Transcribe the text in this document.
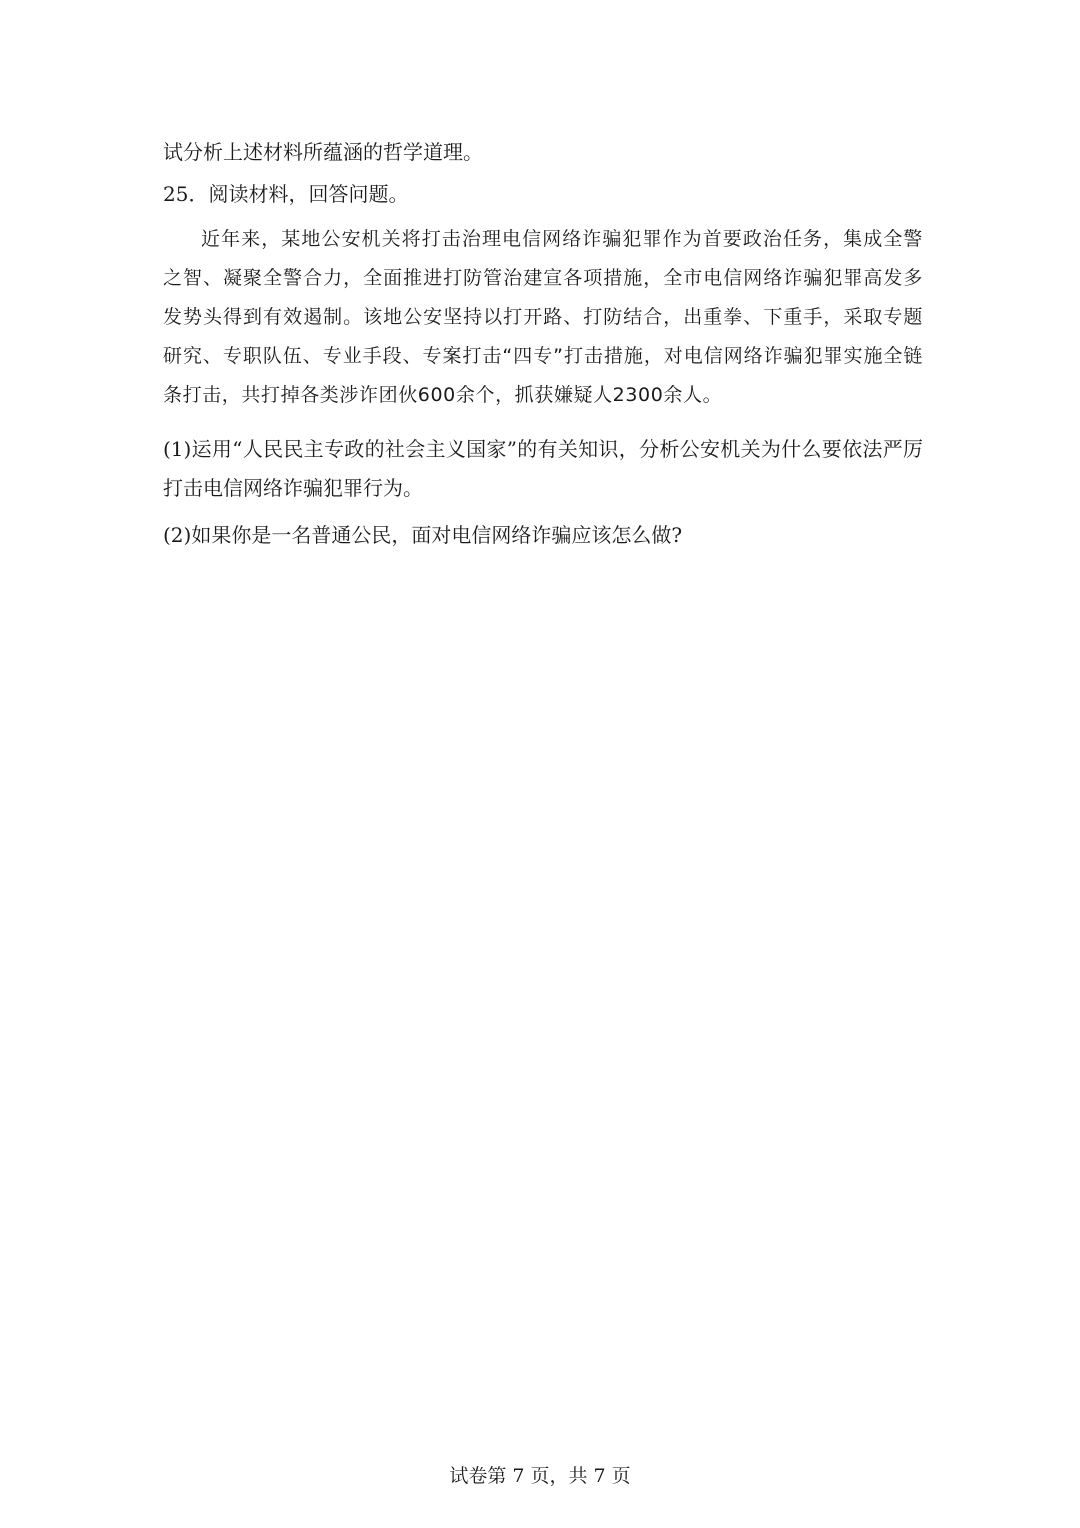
试分析上述材料所蕴涵的哲学道理。
25．阅读材料，回答问题。
近年来，某地公安机关将打击治理电信网络诈骗犯罪作为首要政治任务，集成全警之智、凝聚全警合力，全面推进打防管治建宣各项措施，全市电信网络诈骗犯罪高发多发势头得到有效遏制。该地公安坚持以打开路、打防结合，出重拳、下重手，采取专题研究、专职队伍、专业手段、专案打击“四专”打击措施，对电信网络诈骗犯罪实施全链条打击，共打掉各类涉诈团伙600余个，抓获嫌疑人2300余人。
(1)运用“人民民主专政的社会主义国家”的有关知识，分析公安机关为什么要依法严厉打击电信网络诈骗犯罪行为。
(2)如果你是一名普通公民，面对电信网络诈骗应该怎么做?
试卷第 7 页，共 7 页
